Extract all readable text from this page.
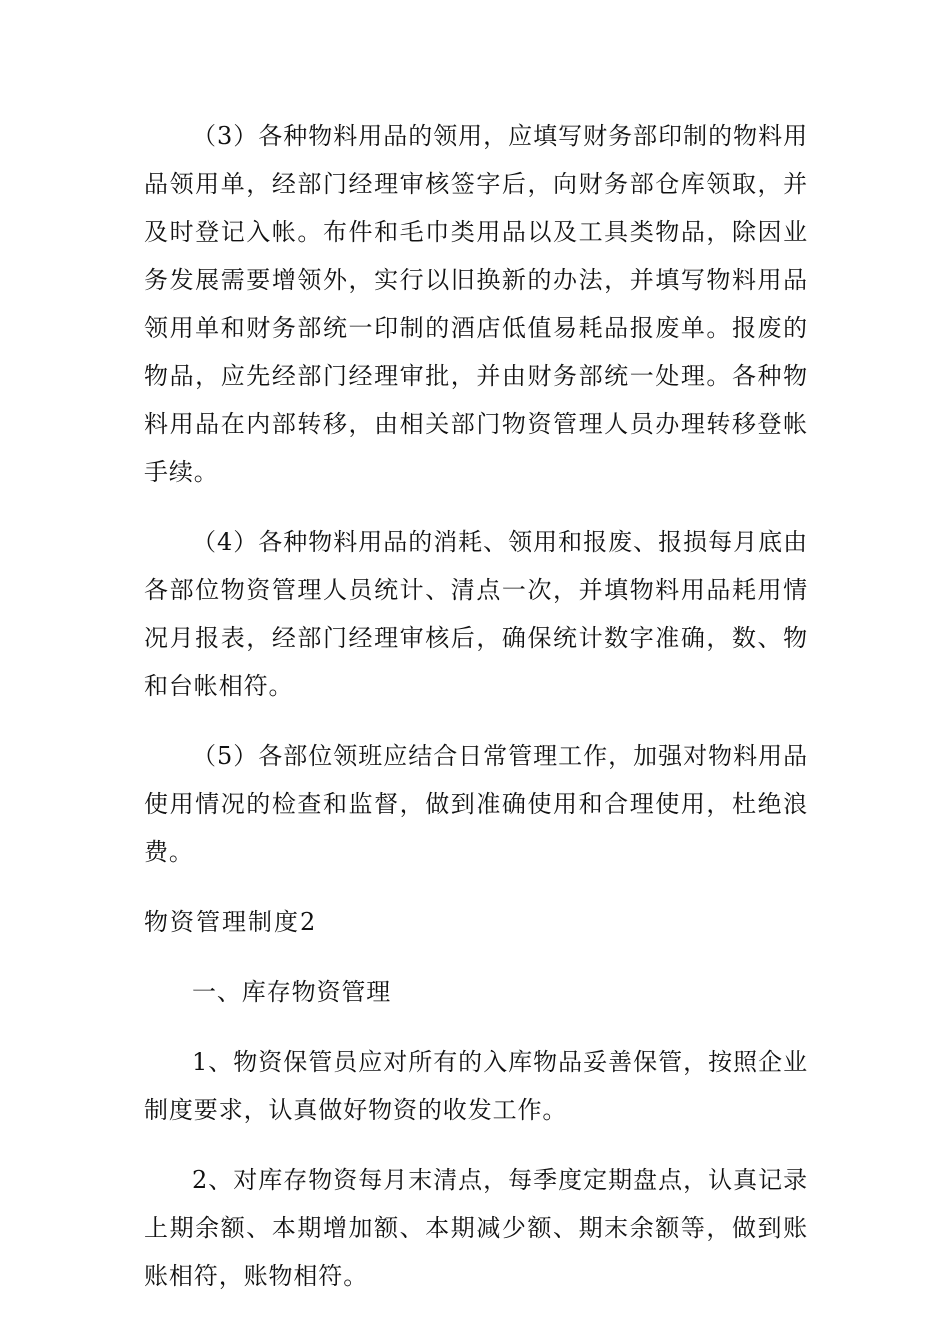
（3）各种物料用品的领用，应填写财务部印制的物料用品领用单，经部门经理审核签字后，向财务部仓库领取，并及时登记入帐。布件和毛巾类用品以及工具类物品，除因业务发展需要增领外，实行以旧换新的办法，并填写物料用品领用单和财务部统一印制的酒店低值易耗品报废单。报废的物品，应先经部门经理审批，并由财务部统一处理。各种物料用品在内部转移，由相关部门物资管理人员办理转移登帐手续。

（4）各种物料用品的消耗、领用和报废、报损每月底由各部位物资管理人员统计、清点一次，并填物料用品耗用情况月报表，经部门经理审核后，确保统计数字准确，数、物和台帐相符。

（5）各部位领班应结合日常管理工作，加强对物料用品使用情况的检查和监督，做到准确使用和合理使用，杜绝浪费。

物资管理制度2

一、库存物资管理

1、物资保管员应对所有的入库物品妥善保管，按照企业制度要求，认真做好物资的收发工作。

2、对库存物资每月末清点，每季度定期盘点，认真记录上期余额、本期增加额、本期减少额、期末余额等，做到账账相符，账物相符。
